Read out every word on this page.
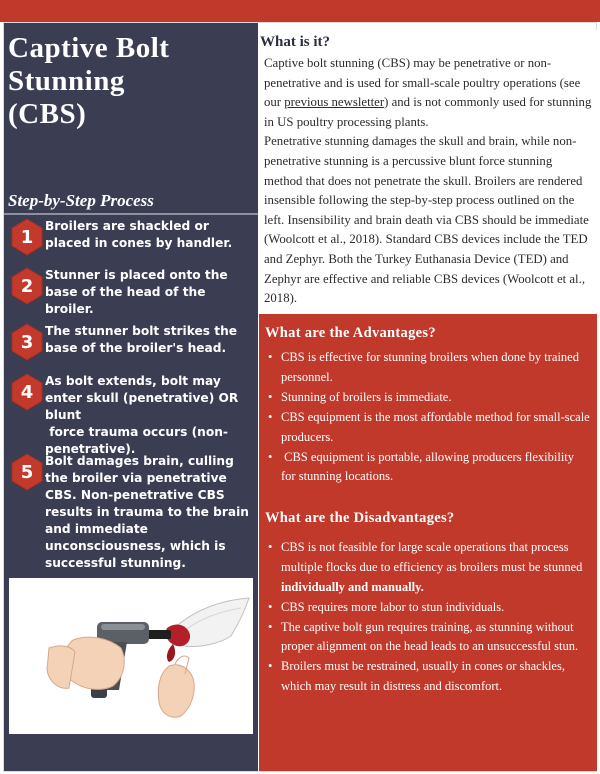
Captive Bolt
Stunning
(CBS)
Step-by-Step Process
1
Broilers are shackled or placed in cones by handler.
2
Stunner is placed onto the base of the head of the broiler.
3
The stunner bolt strikes the base of the broiler's head.
4
As bolt extends, bolt may enter skull (penetrative) OR blunt
force trauma occurs (non-penetrative).
5
Bolt damages brain, culling the broiler via penetrative CBS. Non-penetrative CBS results in trauma to the brain and immediate unconsciousness, which is successful stunning.
What is it?

Captive bolt stunning (CBS) may be penetrative or non-penetrative and is used for small-scale poultry operations (see our previous newsletter) and is not commonly used for stunning in US poultry processing plants.

Penetrative stunning damages the skull and brain, while non-penetrative stunning is a percussive blunt force stunning method that does not penetrate the skull. Broilers are rendered insensible following the step-by-step process outlined on the left. Insensibility and brain death via CBS should be immediate (Woolcott et al., 2018). Standard CBS devices include the TED and Zephyr. Both the Turkey Euthanasia Device (TED) and Zephyr are effective and reliable CBS devices (Woolcott et al., 2018).

What are the Advantages?
• CBS is effective for stunning broilers when done by trained personnel.
• Stunning of broilers is immediate.
• CBS equipment is the most affordable method for small-scale producers.
•  CBS equipment is portable, allowing producers flexibility for stunning locations.
What are the Disadvantages?
• CBS is not feasible for large scale operations that process multiple flocks due to efficiency as broilers must be stunned individually and manually.
• CBS requires more labor to stun individuals.
• The captive bolt gun requires training, as stunning without proper alignment on the head leads to an unsuccessful stun.
• Broilers must be restrained, usually in cones or shackles, which may result in distress and discomfort.
